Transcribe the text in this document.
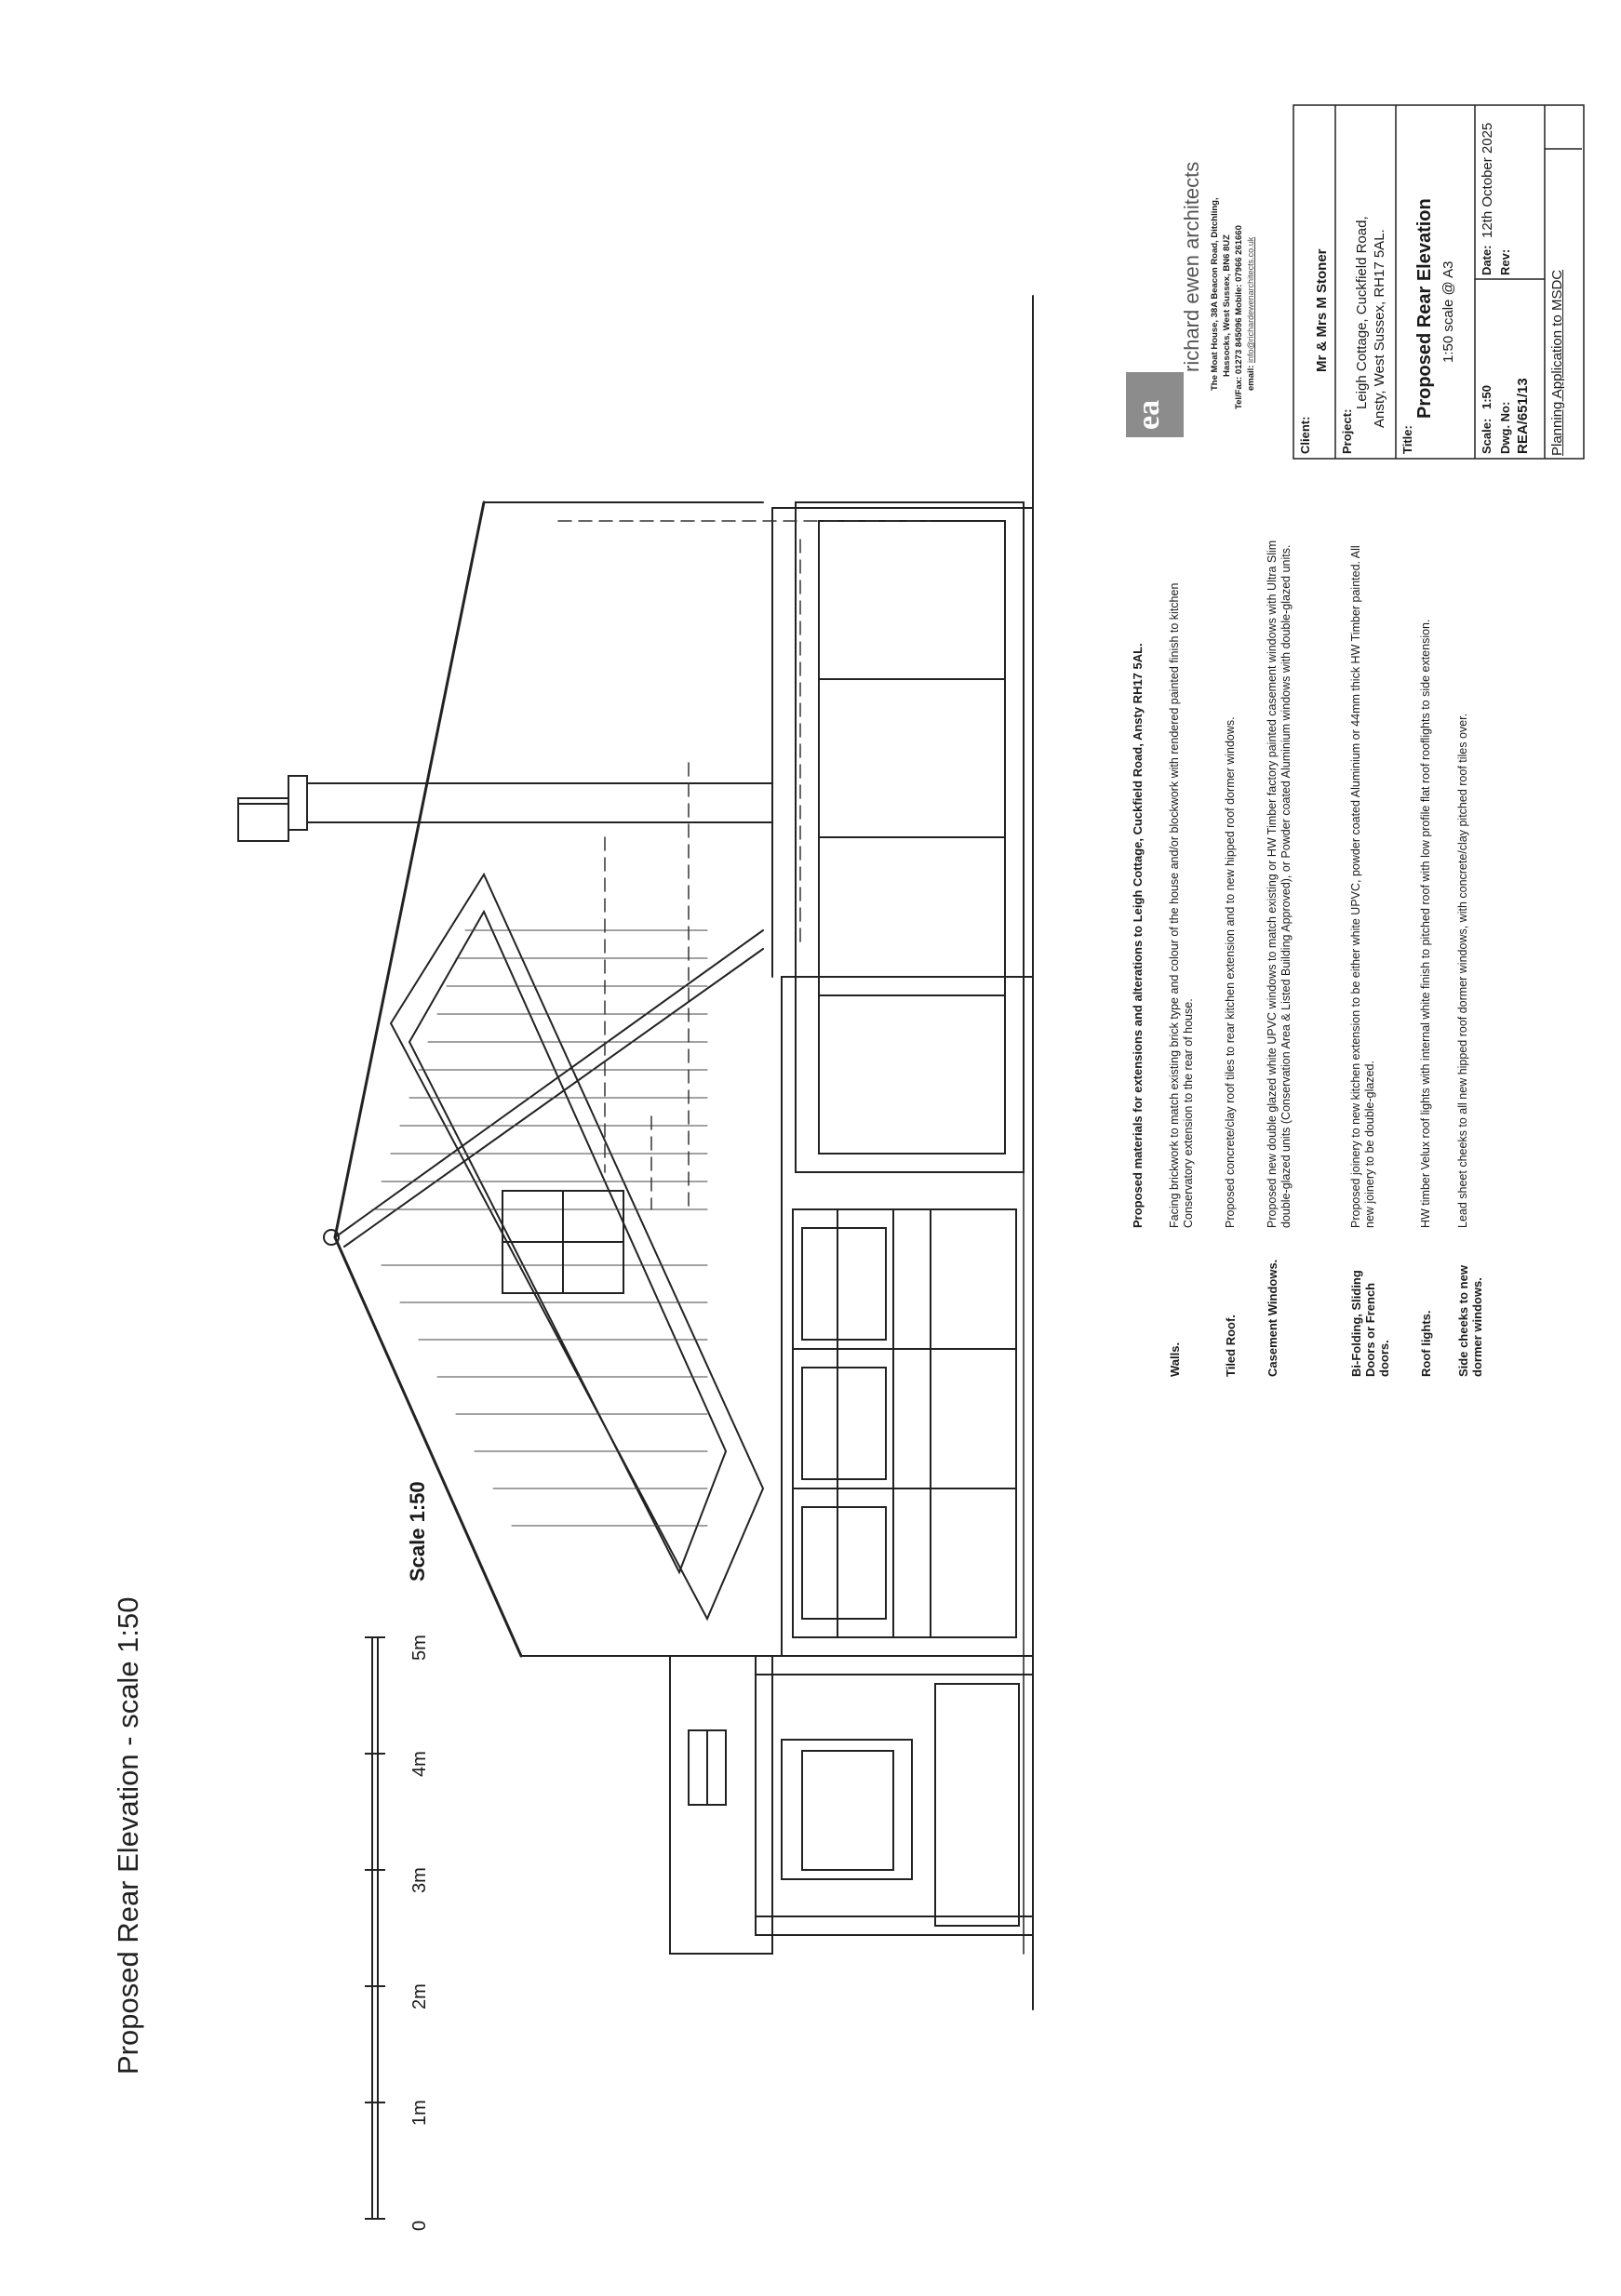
Proposed Rear Elevation - scale 1:50
0
1m
2m
3m
4m
5m
Scale 1:50
Proposed materials for extensions and alterations to Leigh Cottage, Cuckfield Road, Ansty RH17 5AL.
Walls.
Facing brickwork to match existing brick type and colour of the house and/or blockwork with rendered painted finish to kitchen Conservatory extension to the rear of house.
Tiled Roof.
Proposed concrete/clay roof tiles to rear kitchen extension and to new hipped roof dormer windows.
Casement Windows.
Proposed new double glazed white UPVC windows to match existing or HW Timber factory painted casement windows with Ultra Slim double-glazed units (Conservation Area & Listed Building Approved), or Powder coated Aluminium windows with double-glazed units.
Bi-Folding, Sliding Doors or French doors.
Proposed joinery to new kitchen extension to be either white UPVC, powder coated Aluminium or 44mm thick HW Timber painted. All new joinery to be double-glazed.
Roof lights.
HW timber Velux roof lights with internal white finish to pitched roof with low profile flat roof rooflights to side extension.
Side cheeks to new dormer windows.
Lead sheet cheeks to all new hipped roof dormer windows, with concrete/clay pitched roof tiles over.
ea
richard ewen architects The Moat House, 38A Beacon Road, Ditchling, Hassocks, West Sussex, BN6 8UZ Tel/Fax: 01273 845096 Mobile: 07966 261660 email:
info@richardewenarchitects.co.uk
Client:
Mr & Mrs M Stoner
Project:
Leigh Cottage, Cuckfield Road, Ansty, West Sussex, RH17 5AL.
Title:
Proposed Rear Elevation 1:50 scale @ A3
Scale:
1:50
Date:
12th October 2025
Dwg. No: REA/651/13
Rev:
Planning Application to MSDC
